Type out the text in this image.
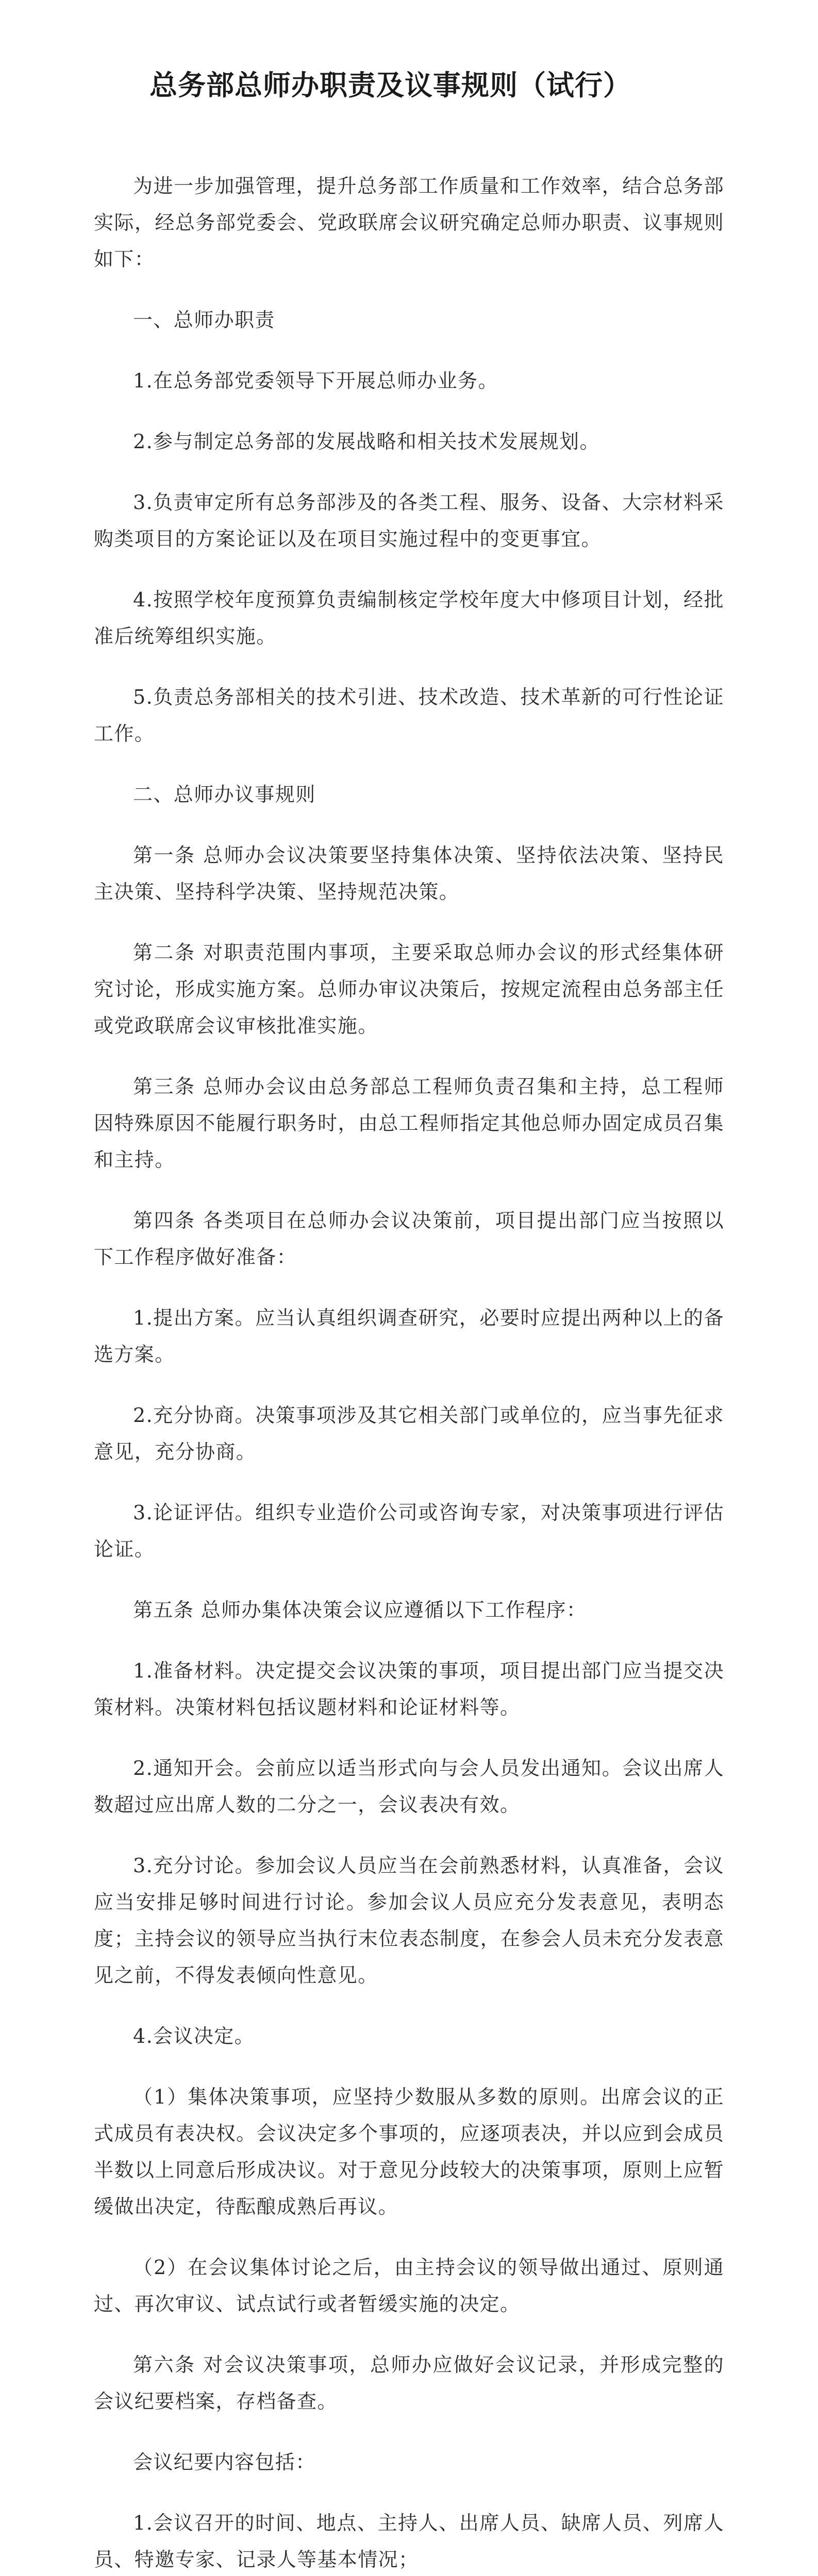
总务部总师办职责及议事规则（试行）

为进一步加强管理，提升总务部工作质量和工作效率，结合总务部实际，经总务部党委会、党政联席会议研究确定总师办职责、议事规则如下：

一、总师办职责

1.在总务部党委领导下开展总师办业务。

2.参与制定总务部的发展战略和相关技术发展规划。

3.负责审定所有总务部涉及的各类工程、服务、设备、大宗材料采购类项目的方案论证以及在项目实施过程中的变更事宜。

4.按照学校年度预算负责编制核定学校年度大中修项目计划，经批准后统筹组织实施。

5.负责总务部相关的技术引进、技术改造、技术革新的可行性论证工作。

二、总师办议事规则

第一条 总师办会议决策要坚持集体决策、坚持依法决策、坚持民主决策、坚持科学决策、坚持规范决策。

第二条 对职责范围内事项，主要采取总师办会议的形式经集体研究讨论，形成实施方案。总师办审议决策后，按规定流程由总务部主任或党政联席会议审核批准实施。

第三条 总师办会议由总务部总工程师负责召集和主持，总工程师因特殊原因不能履行职务时，由总工程师指定其他总师办固定成员召集和主持。

第四条 各类项目在总师办会议决策前，项目提出部门应当按照以下工作程序做好准备：

1.提出方案。应当认真组织调查研究，必要时应提出两种以上的备选方案。

2.充分协商。决策事项涉及其它相关部门或单位的，应当事先征求意见，充分协商。

3.论证评估。组织专业造价公司或咨询专家，对决策事项进行评估论证。

第五条 总师办集体决策会议应遵循以下工作程序：

1.准备材料。决定提交会议决策的事项，项目提出部门应当提交决策材料。决策材料包括议题材料和论证材料等。

2.通知开会。会前应以适当形式向与会人员发出通知。会议出席人数超过应出席人数的二分之一，会议表决有效。

3.充分讨论。参加会议人员应当在会前熟悉材料，认真准备，会议应当安排足够时间进行讨论。参加会议人员应充分发表意见，表明态度；主持会议的领导应当执行末位表态制度，在参会人员未充分发表意见之前，不得发表倾向性意见。

4.会议决定。

（1）集体决策事项，应坚持少数服从多数的原则。出席会议的正式成员有表决权。会议决定多个事项的，应逐项表决，并以应到会成员半数以上同意后形成决议。对于意见分歧较大的决策事项，原则上应暂缓做出决定，待酝酿成熟后再议。

（2）在会议集体讨论之后，由主持会议的领导做出通过、原则通过、再次审议、试点试行或者暂缓实施的决定。

第六条 对会议决策事项，总师办应做好会议记录，并形成完整的会议纪要档案，存档备查。

会议纪要内容包括：

1.会议召开的时间、地点、主持人、出席人员、缺席人员、列席人员、特邀专家、记录人等基本情况；
